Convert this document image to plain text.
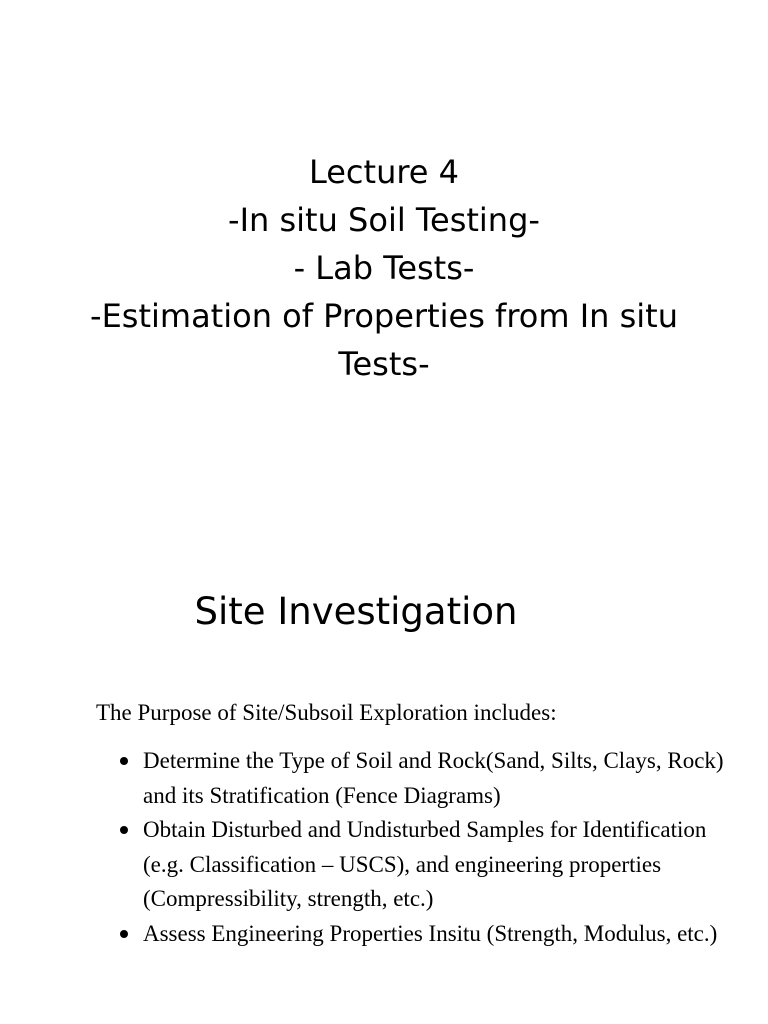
Lecture 4
-In situ Soil Testing-
- Lab Tests-
-Estimation of Properties from In situ
Tests-
Site Investigation

The Purpose of Site/Subsoil Exploration includes:

Determine the Type of Soil and Rock(Sand, Silts, Clays, Rock) and its Stratification (Fence Diagrams)
Obtain Disturbed and Undisturbed Samples for Identification (e.g. Classification – USCS), and engineering properties (Compressibility, strength, etc.)
Assess Engineering Properties Insitu (Strength, Modulus, etc.)
